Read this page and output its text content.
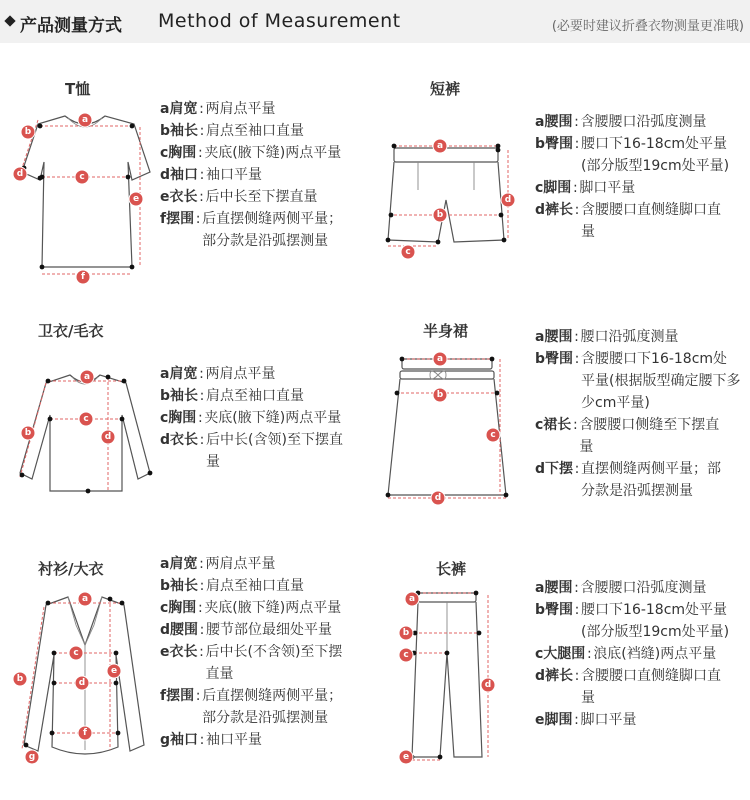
产品测量方式 Method of Measurement	(必要时建议折叠衣物测量更准哦)
T恤
a
b
c
d
e
f
a肩宽 : 两肩点平量
b袖长 : 肩点至袖口直量
c胸围 : 夹底(腋下缝)两点平量
d袖口 : 袖口平量
e衣长 : 后中长至下摆直量
f摆围 : 后直摆侧缝两侧平量；
部分款是沿弧摆测量
短裤
a
b
c
d
a腰围 : 含腰腰口沿弧度测量
b臀围 : 腰口下16-18cm处平量
(部分版型19cm处平量)
c脚围 : 脚口平量
d裤长 : 含腰腰口直侧缝脚口直
量
卫衣/毛衣
a
b
c
d
a肩宽 : 两肩点平量
b袖长 : 肩点至袖口直量
c胸围 : 夹底(腋下缝)两点平量
d衣长 : 后中长(含领)至下摆直
量
半身裙
a
b
c
d
a腰围 : 腰口沿弧度测量
b臀围 : 含腰腰口下16-18cm处
平量(根据版型确定腰下多少cm平量)
c裙长 : 含腰腰口侧缝至下摆直
量
d下摆 : 直摆侧缝两侧平量；部
分款是沿弧摆测量
衬衫/大衣
a
b
c
d
e
f
g
a肩宽 : 两肩点平量
b袖长 : 肩点至袖口直量
c胸围 : 夹底(腋下缝)两点平量
d腰围 : 腰节部位最细处平量
e衣长 : 后中长(不含领)至下摆
直量
f摆围 : 后直摆侧缝两侧平量；
部分款是沿弧摆测量
g袖口 : 袖口平量
长裤
a
b
c
d
e
a腰围 : 含腰腰口沿弧度测量
b臀围 : 腰口下16-18cm处平量
(部分版型19cm处平量)
c大腿围 : 浪底(裆缝)两点平量
d裤长 : 含腰腰口直侧缝脚口直
量
e脚围 : 脚口平量
